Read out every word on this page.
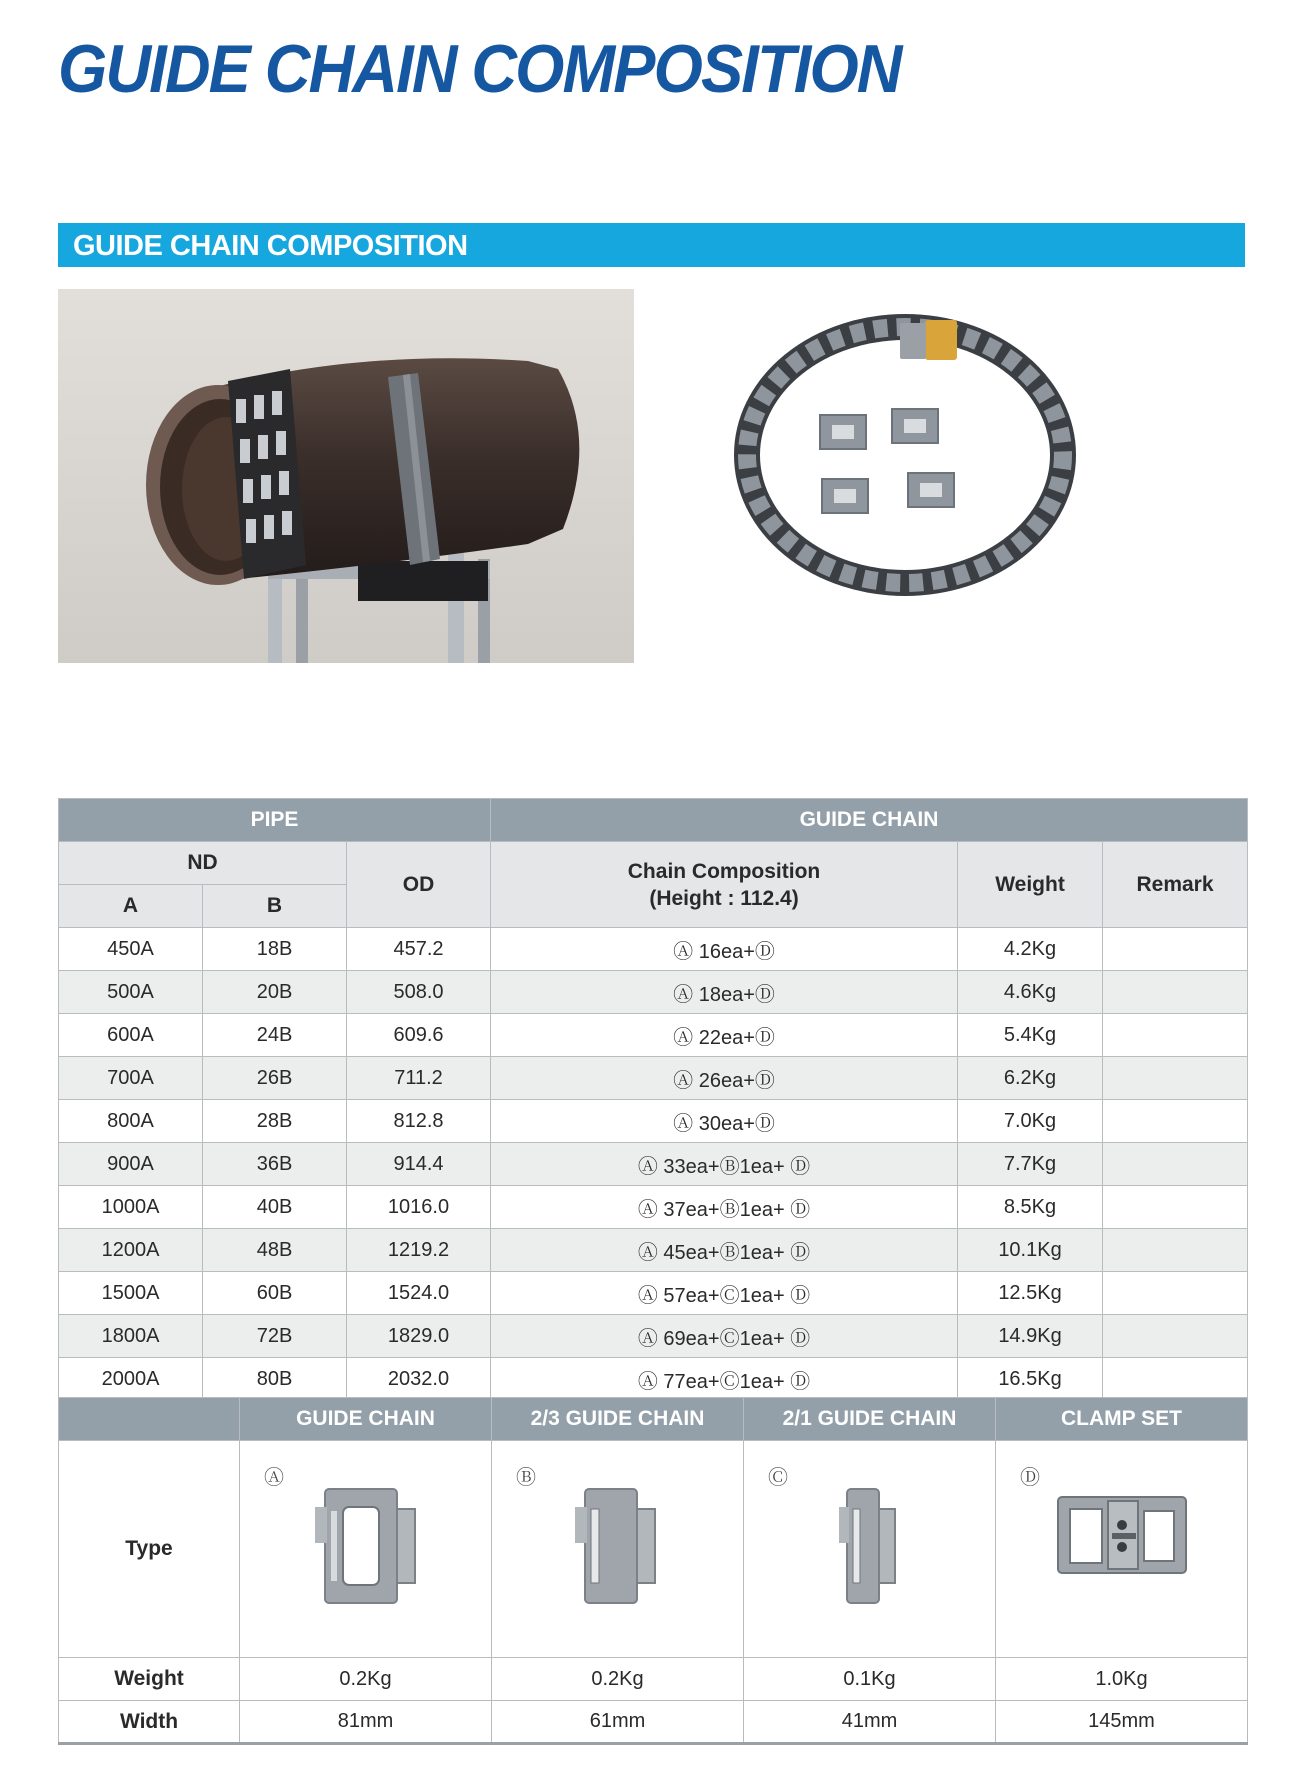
GUIDE CHAIN COMPOSITION
GUIDE CHAIN COMPOSITION
PIPE			GUIDE CHAIN		
ND		OD	Chain Composition
(Height : 112.4)	Weight	Remark
A	B				
450A	18B	457.2	Ⓐ 16ea+Ⓓ	4.2Kg	
500A	20B	508.0	Ⓐ 18ea+Ⓓ	4.6Kg	
600A	24B	609.6	Ⓐ 22ea+Ⓓ	5.4Kg	
700A	26B	711.2	Ⓐ 26ea+Ⓓ	6.2Kg	
800A	28B	812.8	Ⓐ 30ea+Ⓓ	7.0Kg	
900A	36B	914.4	Ⓐ 33ea+Ⓑ1ea+ Ⓓ	7.7Kg	
1000A	40B	1016.0	Ⓐ 37ea+Ⓑ1ea+ Ⓓ	8.5Kg	
1200A	48B	1219.2	Ⓐ 45ea+Ⓑ1ea+ Ⓓ	10.1Kg	
1500A	60B	1524.0	Ⓐ 57ea+Ⓒ1ea+ Ⓓ	12.5Kg	
1800A	72B	1829.0	Ⓐ 69ea+Ⓒ1ea+ Ⓓ	14.9Kg	
2000A	80B	2032.0	Ⓐ 77ea+Ⓒ1ea+ Ⓓ	16.5Kg	
	GUIDE CHAIN	2/3 GUIDE CHAIN	2/1 GUIDE CHAIN	CLAMP SET
Type	Ⓐ	Ⓑ	Ⓒ	Ⓓ

Weight	0.2Kg	0.2Kg	0.1Kg	1.0Kg
Width	81mm	61mm	41mm	145mm
